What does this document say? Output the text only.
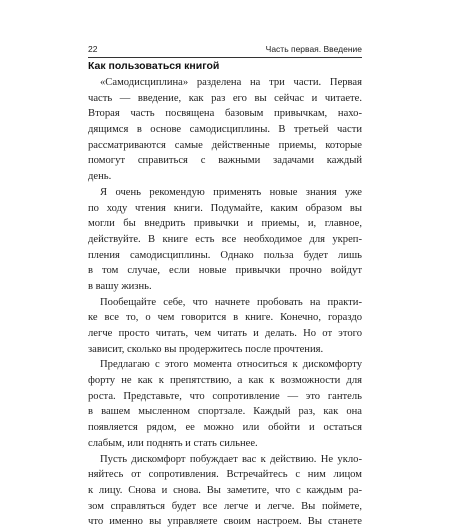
22	Часть первая. Введение
Как пользоваться книгой
«Самодисциплина» разделена на три части. Первая
часть — введение, как раз его вы сейчас и читаете.
Вторая часть посвящена базовым привычкам, нахо-
дящимся в основе самодисциплины. В третьей части
рассматриваются самые действенные приемы, которые
помогут справиться с важными задачами каждый
день.
Я очень рекомендую применять новые знания уже
по ходу чтения книги. Подумайте, каким образом вы
могли бы внедрить привычки и приемы, и, главное,
действуйте. В книге есть все необходимое для укреп-
пления самодисциплины. Однако польза будет лишь
в том случае, если новые привычки прочно войдут
в вашу жизнь.
Пообещайте себе, что начнете пробовать на практи-
ке все то, о чем говорится в книге. Конечно, гораздо
легче просто читать, чем читать и делать. Но от этого
зависит, сколько вы продержитесь после прочтения.
Предлагаю с этого момента относиться к дискомфорту
форту не как к препятствию, а как к возможности для
роста. Представьте, что сопротивление — это гантель
в вашем мысленном спортзале. Каждый раз, как она
появляется рядом, ее можно или обойти и остаться
слабым, или поднять и стать сильнее.
Пусть дискомфорт побуждает вас к действию. Не укло-
няйтесь от сопротивления. Встречайтесь с ним лицом
к лицу. Снова и снова. Вы заметите, что с каждым ра-
зом справляться будет все легче и легче. Вы поймете,
что именно вы управляете своим настроем. Вы станете
